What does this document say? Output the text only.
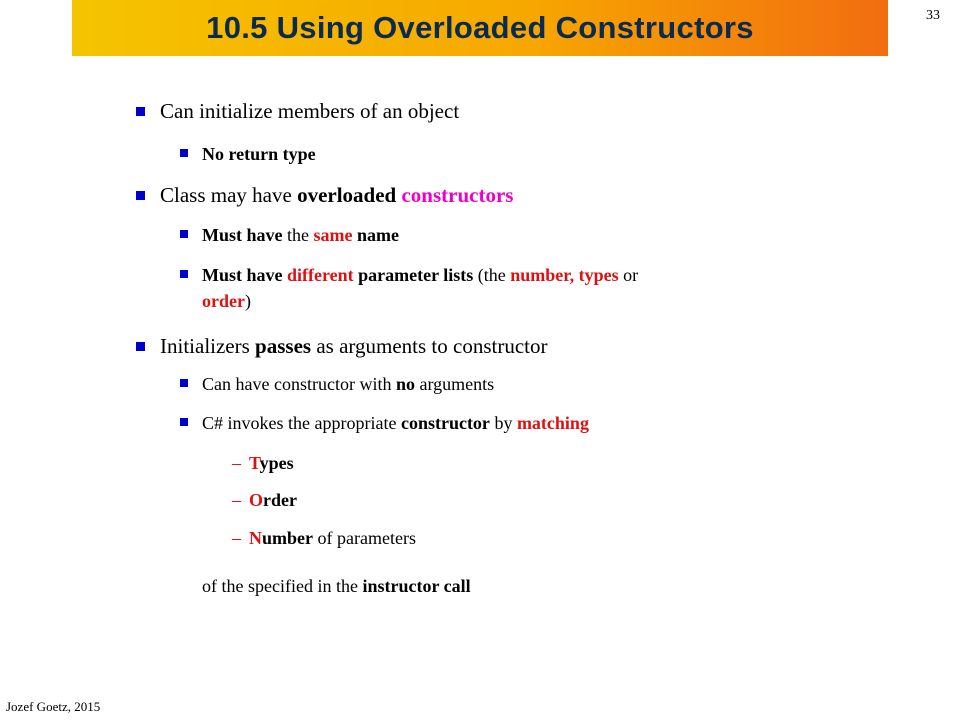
10.5 Using Overloaded Constructors	33
Can initialize members of an object
No return type
Class may have overloaded constructors
Must have the same name
Must have different parameter lists (the number, types or
order)
Initializers passes as arguments to constructor
Can have constructor with no arguments
C# invokes the appropriate constructor by matching
– Types
– Order
– Number of parameters
of the specified in the instructor call
Jozef Goetz, 2015
